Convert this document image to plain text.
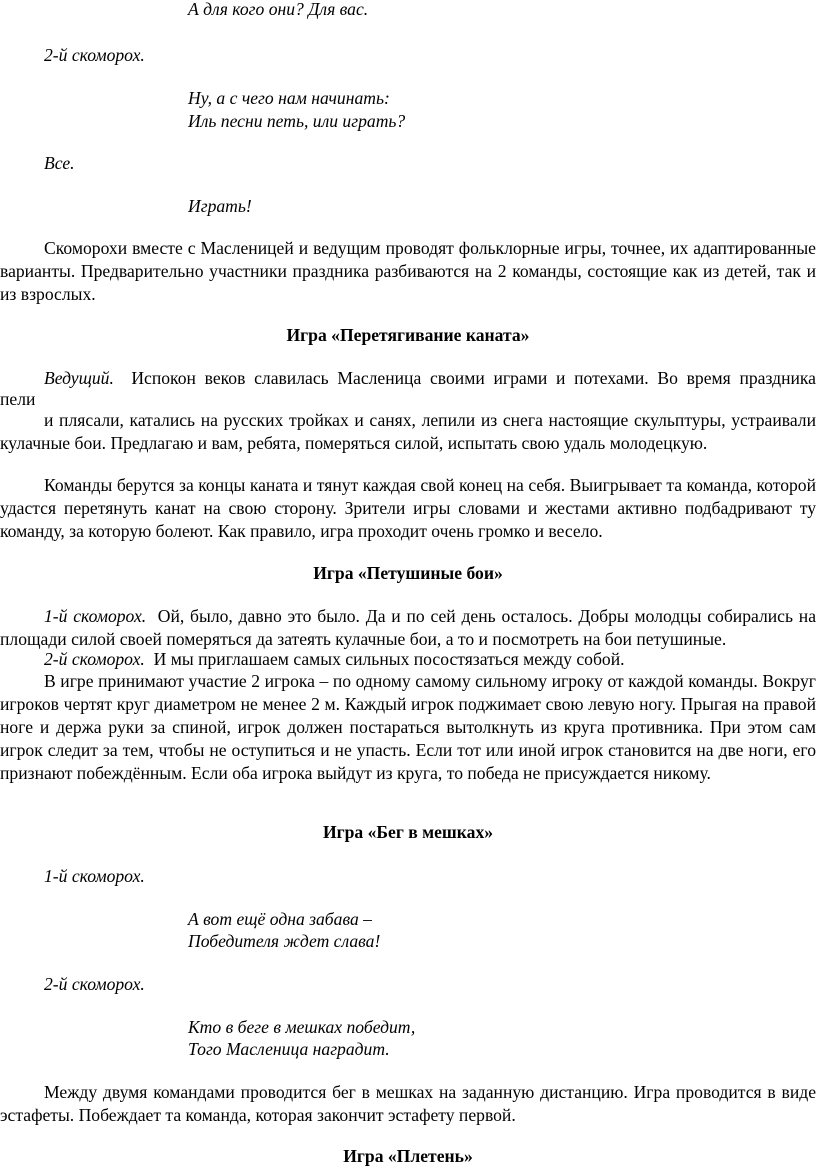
А для кого они? Для вас.

2-й скоморох.

Ну, а с чего нам начинать:

Иль песни петь, или играть?

Все.

Играть!

Скоморохи вместе с Масленицей и ведущим проводят фольклорные игры, точнее, их адаптированные варианты. Предварительно участники праздника разбиваются на 2 команды, состоящие как из детей, так и из взрослых.

Игра «Перетягивание каната»

Ведущий. Испокон веков славилась Масленица своими играми и потехами. Во время праздника

пели

и плясали, катались на русских тройках и санях, лепили из снега настоящие скульптуры, устраивали кулачные бои. Предлагаю и вам, ребята, померяться силой, испытать свою удаль молодецкую.

Команды берутся за концы каната и тянут каждая свой конец на себя. Выигрывает та команда, которой удастся перетянуть канат на свою сторону. Зрители игры словами и жестами активно подбадривают ту команду, за которую болеют. Как правило, игра проходит очень громко и весело.

Игра «Петушиные бои»

1-й скоморох. Ой, было, давно это было. Да и по сей день осталось. Добры молодцы собирались на площади силой своей померяться да затеять кулачные бои, а то и посмотреть на бои петушиные.

2-й скоморох. И мы приглашаем самых сильных посостязаться между собой.

В игре принимают участие 2 игрока – по одному самому сильному игроку от каждой команды. Вокруг игроков чертят круг диаметром не менее 2 м. Каждый игрок поджимает свою левую ногу. Прыгая на правой ноге и держа руки за спиной, игрок должен постараться вытолкнуть из круга противника. При этом сам игрок следит за тем, чтобы не оступиться и не упасть. Если тот или иной игрок становится на две ноги, его признают побеждённым. Если оба игрока выйдут из круга, то победа не присуждается никому.

Игра «Бег в мешках»

1-й скоморох.

А вот ещё одна забава –

Победителя ждет слава!

2-й скоморох.

Кто в беге в мешках победит,

Того Масленица наградит.

Между двумя командами проводится бег в мешках на заданную дистанцию. Игра проводится в виде эстафеты. Побеждает та команда, которая закончит эстафету первой.

Игра «Плетень»
